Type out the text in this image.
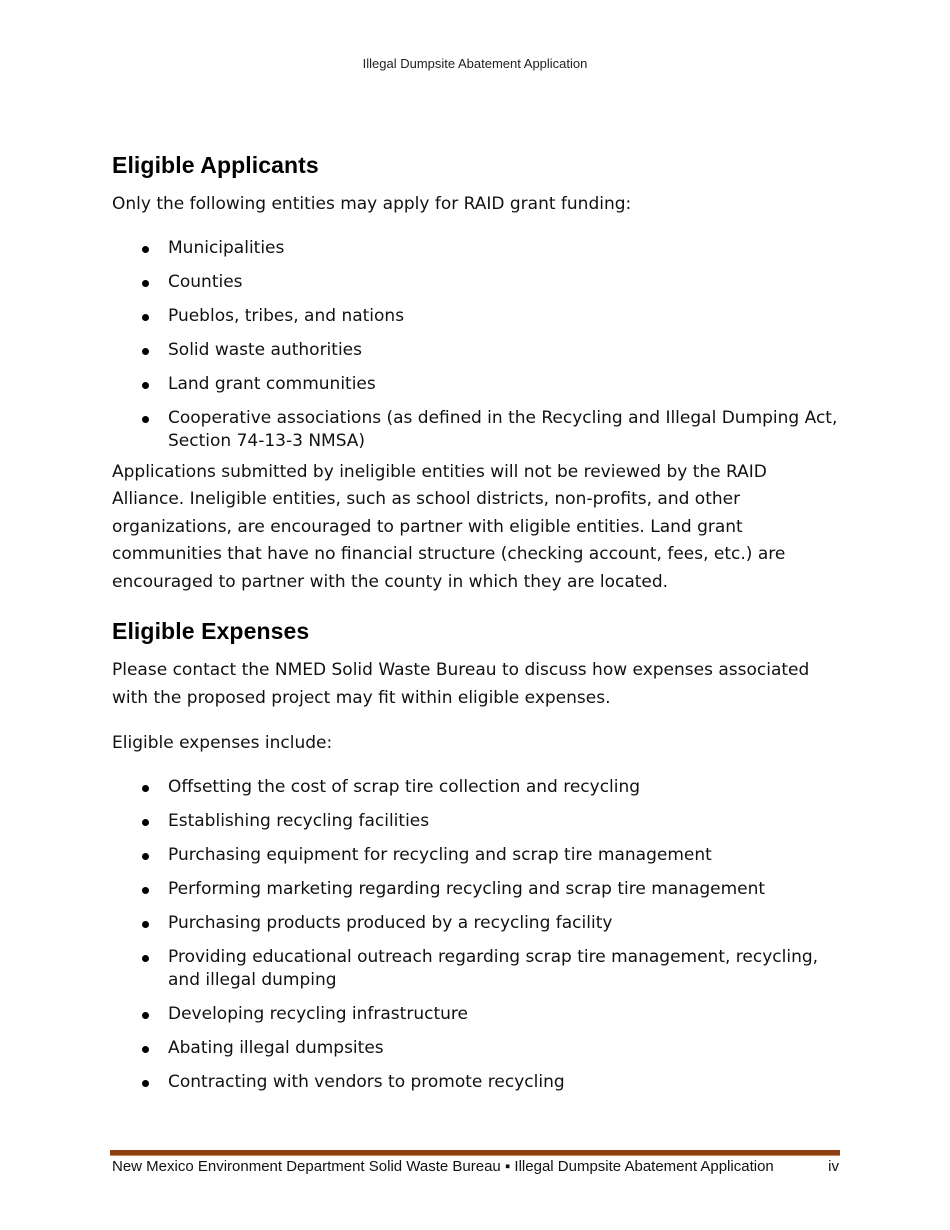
Illegal Dumpsite Abatement Application
Eligible Applicants

Only the following entities may apply for RAID grant funding:

Municipalities
Counties
Pueblos, tribes, and nations
Solid waste authorities
Land grant communities
Cooperative associations (as defined in the Recycling and Illegal Dumping Act, Section 74-13-3 NMSA)

Applications submitted by ineligible entities will not be reviewed by the RAID Alliance. Ineligible entities, such as school districts, non-profits, and other organizations, are encouraged to partner with eligible entities. Land grant communities that have no financial structure (checking account, fees, etc.) are encouraged to partner with the county in which they are located.

Eligible Expenses

Please contact the NMED Solid Waste Bureau to discuss how expenses associated with the proposed project may fit within eligible expenses.

Eligible expenses include:

Offsetting the cost of scrap tire collection and recycling
Establishing recycling facilities
Purchasing equipment for recycling and scrap tire management
Performing marketing regarding recycling and scrap tire management
Purchasing products produced by a recycling facility
Providing educational outreach regarding scrap tire management, recycling, and illegal dumping
Developing recycling infrastructure
Abating illegal dumpsites
Contracting with vendors to promote recycling
New Mexico Environment Department Solid Waste Bureau ▪ Illegal Dumpsite Abatement Application	iv
